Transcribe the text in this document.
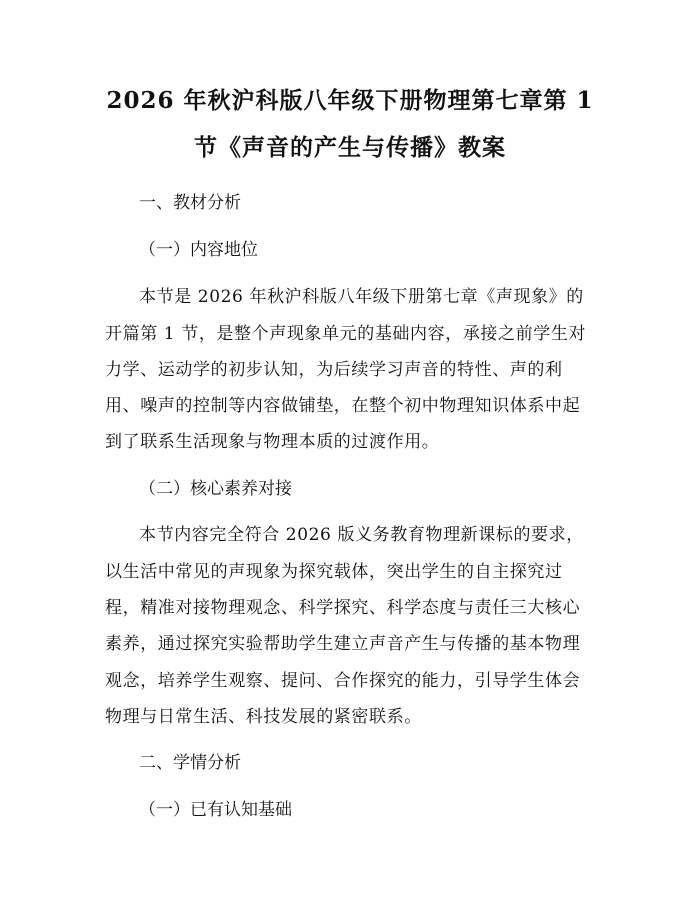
2026 年秋沪科版八年级下册物理第七章第 1
节《声音的产生与传播》教案
一、教材分析
（一）内容地位
本节是 2026 年秋沪科版八年级下册第七章《声现象》的
开篇第 1 节，是整个声现象单元的基础内容，承接之前学生对
力学、运动学的初步认知，为后续学习声音的特性、声的利
用、噪声的控制等内容做铺垫，在整个初中物理知识体系中起
到了联系生活现象与物理本质的过渡作用。
（二）核心素养对接
本节内容完全符合 2026 版义务教育物理新课标的要求，
以生活中常见的声现象为探究载体，突出学生的自主探究过
程，精准对接物理观念、科学探究、科学态度与责任三大核心
素养，通过探究实验帮助学生建立声音产生与传播的基本物理
观念，培养学生观察、提问、合作探究的能力，引导学生体会
物理与日常生活、科技发展的紧密联系。
二、学情分析
（一）已有认知基础
